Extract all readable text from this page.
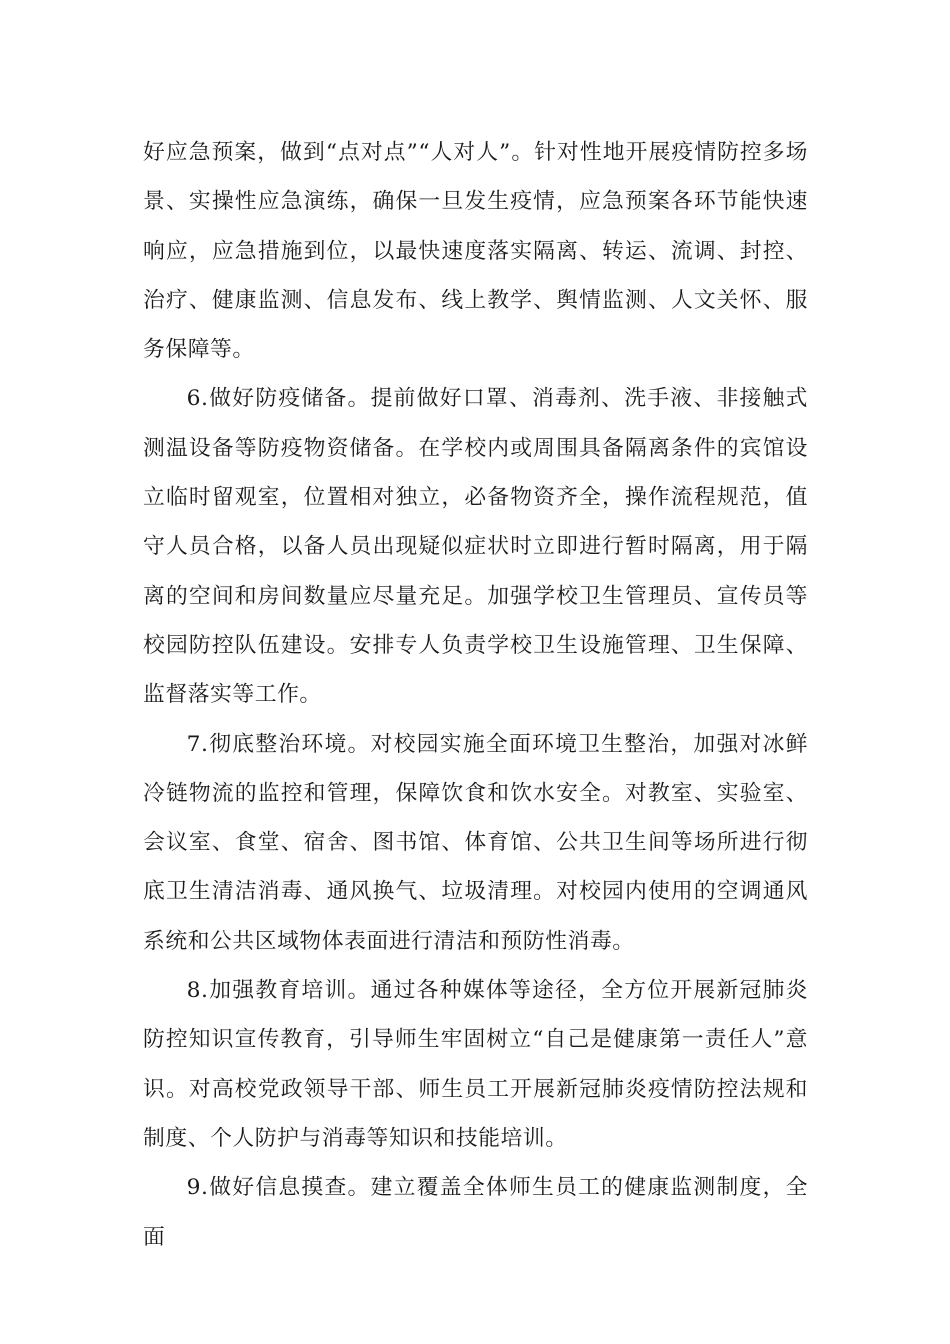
好应急预案，做到“点对点”“人对人”。针对性地开展疫情防控多场景、实操性应急演练，确保一旦发生疫情，应急预案各环节能快速响应，应急措施到位，以最快速度落实隔离、转运、流调、封控、治疗、健康监测、信息发布、线上教学、舆情监测、人文关怀、服务保障等。

6.做好防疫储备。提前做好口罩、消毒剂、洗手液、非接触式测温设备等防疫物资储备。在学校内或周围具备隔离条件的宾馆设立临时留观室，位置相对独立，必备物资齐全，操作流程规范，值守人员合格，以备人员出现疑似症状时立即进行暂时隔离，用于隔离的空间和房间数量应尽量充足。加强学校卫生管理员、宣传员等校园防控队伍建设。安排专人负责学校卫生设施管理、卫生保障、监督落实等工作。

7.彻底整治环境。对校园实施全面环境卫生整治，加强对冰鲜冷链物流的监控和管理，保障饮食和饮水安全。对教室、实验室、会议室、食堂、宿舍、图书馆、体育馆、公共卫生间等场所进行彻底卫生清洁消毒、通风换气、垃圾清理。对校园内使用的空调通风系统和公共区域物体表面进行清洁和预防性消毒。

8.加强教育培训。通过各种媒体等途径，全方位开展新冠肺炎防控知识宣传教育，引导师生牢固树立“自己是健康第一责任人”意识。对高校党政领导干部、师生员工开展新冠肺炎疫情防控法规和制度、个人防护与消毒等知识和技能培训。

9.做好信息摸查。建立覆盖全体师生员工的健康监测制度，全面
